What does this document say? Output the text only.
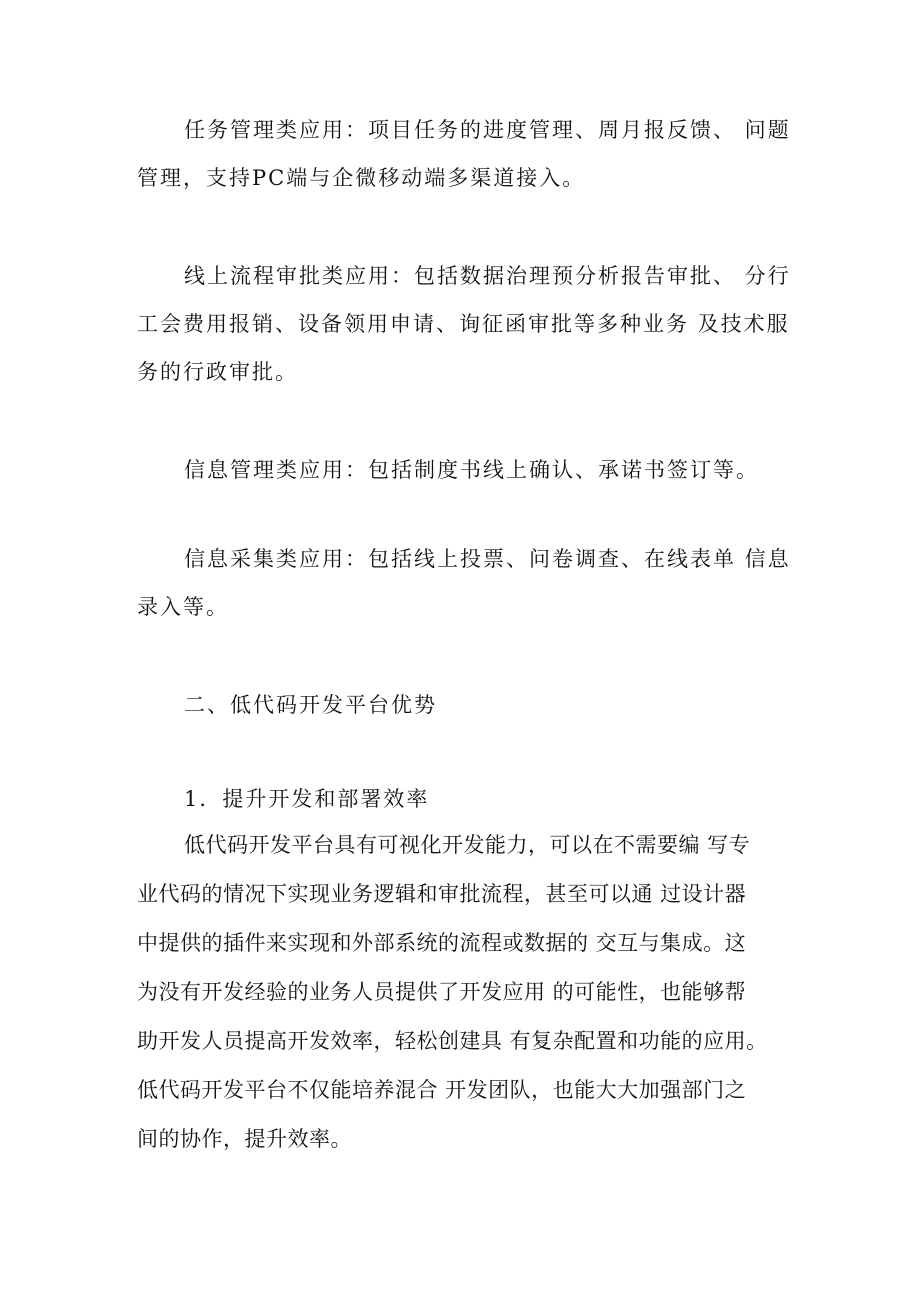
任务管理类应用：项目任务的进度管理、周月报反馈、 问题

管理，支持PC端与企微移动端多渠道接入。

线上流程审批类应用：包括数据治理预分析报告审批、 分行

工会费用报销、设备领用申请、询征函审批等多种业务 及技术服

务的行政审批。

信息管理类应用：包括制度书线上确认、承诺书签订等。

信息采集类应用：包括线上投票、问卷调查、在线表单 信息

录入等。

二、低代码开发平台优势

1．提升开发和部署效率

低代码开发平台具有可视化开发能力，可以在不需要编 写专

业代码的情况下实现业务逻辑和审批流程，甚至可以通 过设计器

中提供的插件来实现和外部系统的流程或数据的 交互与集成。这

为没有开发经验的业务人员提供了开发应用 的可能性，也能够帮

助开发人员提高开发效率，轻松创建具 有复杂配置和功能的应用。

低代码开发平台不仅能培养混合 开发团队，也能大大加强部门之

间的协作，提升效率。
